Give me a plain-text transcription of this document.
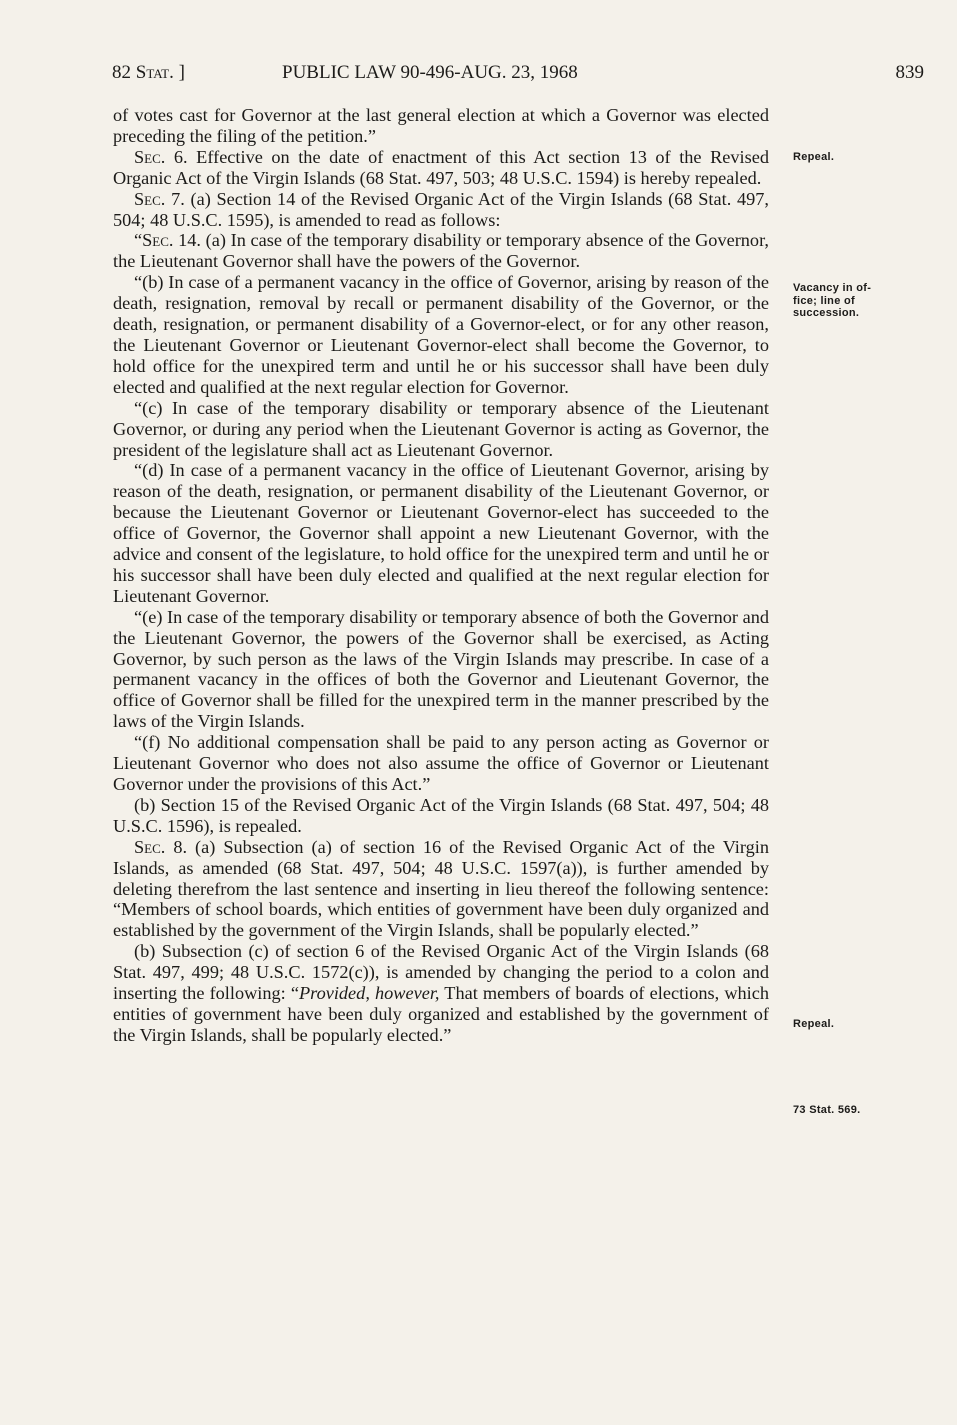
82 Stat. ]	PUBLIC LAW 90-496-AUG. 23, 1968	839

of votes cast for Governor at the last general election at which a Governor was elected preceding the filing of the petition.”

Sec. 6. Effective on the date of enactment of this Act section 13 of the Revised Organic Act of the Virgin Islands (68 Stat. 497, 503; 48 U.S.C. 1594) is hereby repealed.

Sec. 7. (a) Section 14 of the Revised Organic Act of the Virgin Islands (68 Stat. 497, 504; 48 U.S.C. 1595), is amended to read as follows:

“Sec. 14. (a) In case of the temporary disability or temporary absence of the Governor, the Lieutenant Governor shall have the powers of the Governor.

“(b) In case of a permanent vacancy in the office of Governor, arising by reason of the death, resignation, removal by recall or permanent disability of the Governor, or the death, resignation, or permanent disability of a Governor-elect, or for any other reason, the Lieutenant Governor or Lieutenant Governor-elect shall become the Governor, to hold office for the unexpired term and until he or his successor shall have been duly elected and qualified at the next regular election for Governor.

“(c) In case of the temporary disability or temporary absence of the Lieutenant Governor, or during any period when the Lieutenant Governor is acting as Governor, the president of the legislature shall act as Lieutenant Governor.

“(d) In case of a permanent vacancy in the office of Lieutenant Governor, arising by reason of the death, resignation, or permanent disability of the Lieutenant Governor, or because the Lieutenant Governor or Lieutenant Governor-elect has succeeded to the office of Governor, the Governor shall appoint a new Lieutenant Governor, with the advice and consent of the legislature, to hold office for the unexpired term and until he or his successor shall have been duly elected and qualified at the next regular election for Lieutenant Governor.

“(e) In case of the temporary disability or temporary absence of both the Governor and the Lieutenant Governor, the powers of the Governor shall be exercised, as Acting Governor, by such person as the laws of the Virgin Islands may prescribe. In case of a permanent vacancy in the offices of both the Governor and Lieutenant Governor, the office of Governor shall be filled for the unexpired term in the manner prescribed by the laws of the Virgin Islands.

“(f) No additional compensation shall be paid to any person acting as Governor or Lieutenant Governor who does not also assume the office of Governor or Lieutenant Governor under the provisions of this Act.”

(b) Section 15 of the Revised Organic Act of the Virgin Islands (68 Stat. 497, 504; 48 U.S.C. 1596), is repealed.

Sec. 8. (a) Subsection (a) of section 16 of the Revised Organic Act of the Virgin Islands, as amended (68 Stat. 497, 504; 48 U.S.C. 1597(a)), is further amended by deleting therefrom the last sentence and inserting in lieu thereof the following sentence: “Members of school boards, which entities of government have been duly organized and established by the government of the Virgin Islands, shall be popularly elected.”

(b) Subsection (c) of section 6 of the Revised Organic Act of the Virgin Islands (68 Stat. 497, 499; 48 U.S.C. 1572(c)), is amended by changing the period to a colon and inserting the following: “Provided, however, That members of boards of elections, which entities of government have been duly organized and established by the government of the Virgin Islands, shall be popularly elected.”

Repeal.
Vacancy in of-
fice; line of
succession.
Repeal.
73 Stat. 569.
